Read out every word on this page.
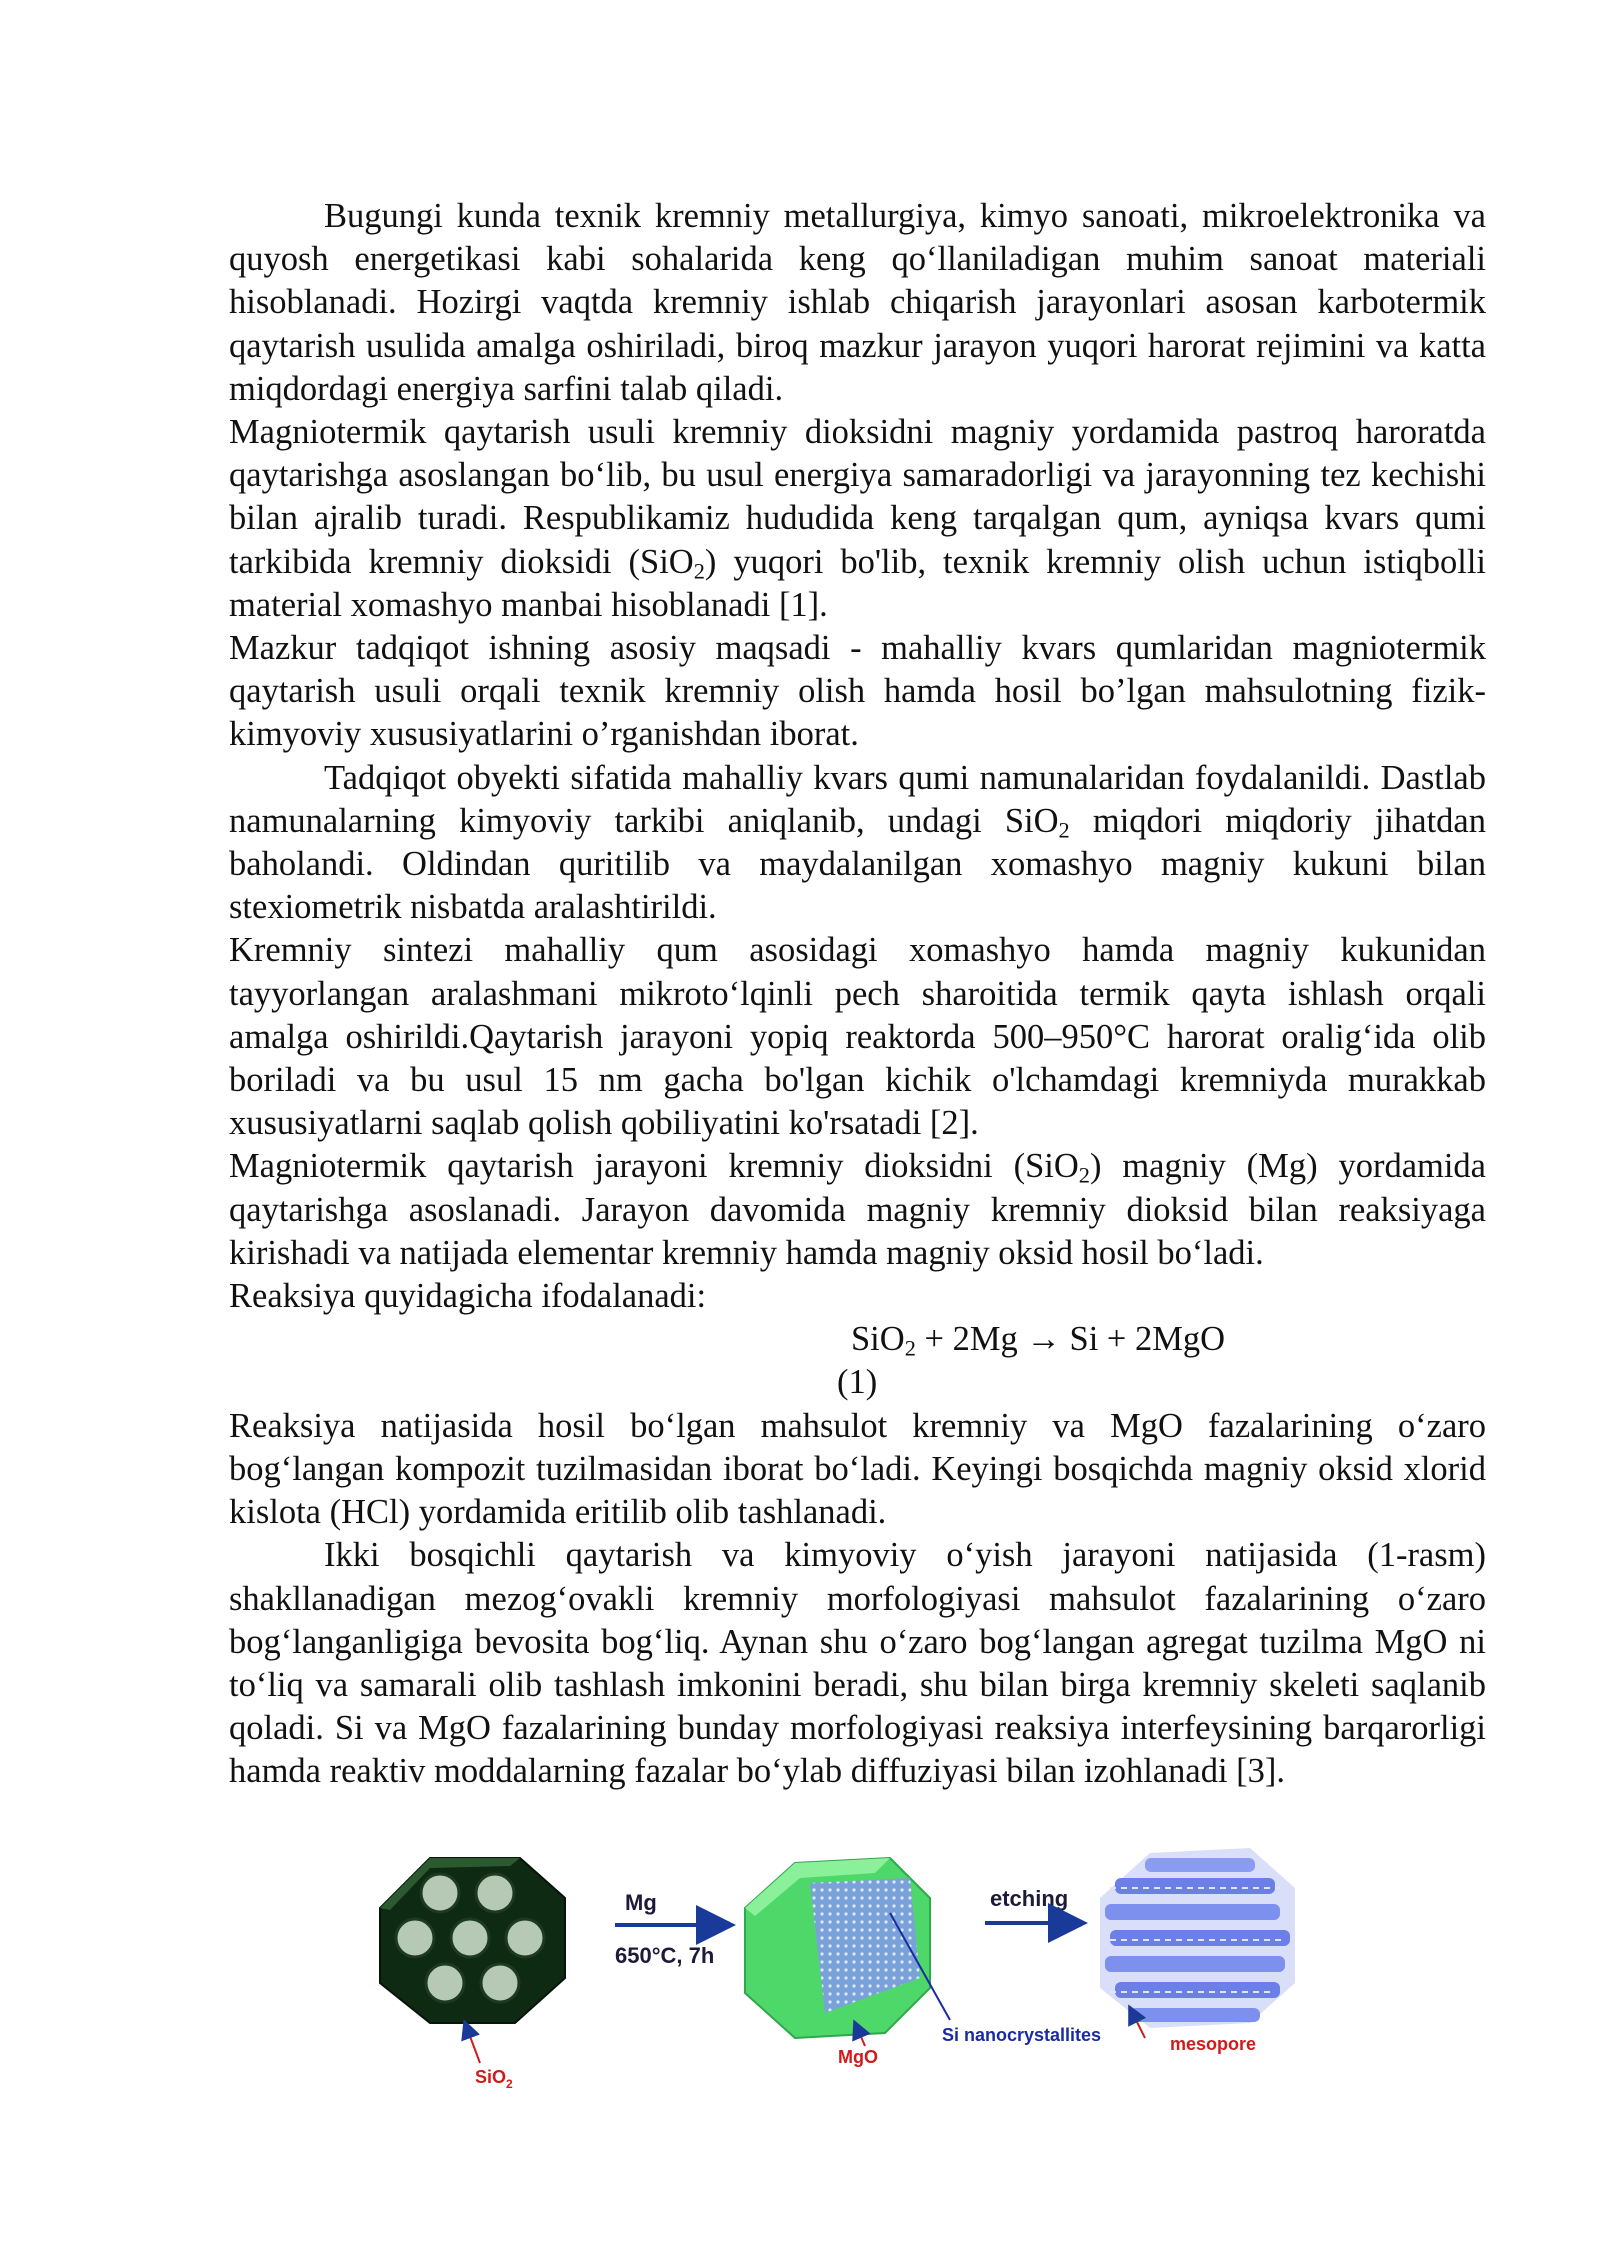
Bugungi kunda texnik kremniy metallurgiya, kimyo sanoati, mikroelektronika va quyosh energetikasi kabi sohalarida keng qo‘llaniladigan muhim sanoat materiali hisoblanadi. Hozirgi vaqtda kremniy ishlab chiqarish jarayonlari asosan karbotermik qaytarish usulida amalga oshiriladi, biroq mazkur jarayon yuqori harorat rejimini va katta miqdordagi energiya sarfini talab qiladi.

Magniotermik qaytarish usuli kremniy dioksidni magniy yordamida pastroq haroratda qaytarishga asoslangan bo‘lib, bu usul energiya samaradorligi va jarayonning tez kechishi bilan ajralib turadi. Respublikamiz hududida keng tarqalgan qum, ayniqsa kvars qumi tarkibida kremniy dioksidi (SiO$_2$) yuqori bo'lib, texnik kremniy olish uchun istiqbolli material xomashyo manbai hisoblanadi [1].

Mazkur tadqiqot ishning asosiy maqsadi - mahalliy kvars qumlaridan magniotermik qaytarish usuli orqali texnik kremniy olish hamda hosil bo’lgan mahsulotning fizik-kimyoviy xususiyatlarini o’rganishdan iborat.

Tadqiqot obyekti sifatida mahalliy kvars qumi namunalaridan foydalanildi. Dastlab namunalarning kimyoviy tarkibi aniqlanib, undagi SiO$_2$ miqdori miqdoriy jihatdan baholandi. Oldindan quritilib va maydalanilgan xomashyo magniy kukuni bilan stexiometrik nisbatda aralashtirildi.

Kremniy sintezi mahalliy qum asosidagi xomashyo hamda magniy kukunidan tayyorlangan aralashmani mikroto‘lqinli pech sharoitida termik qayta ishlash orqali amalga oshirildi.Qaytarish jarayoni yopiq reaktorda 500–950°C harorat oralig‘ida olib boriladi va bu usul 15 nm gacha bo'lgan kichik o'lchamdagi kremniyda murakkab xususiyatlarni saqlab qolish qobiliyatini ko'rsatadi [2].

Magniotermik qaytarish jarayoni kremniy dioksidni (SiO$_2$) magniy (Mg) yordamida qaytarishga asoslanadi. Jarayon davomida magniy kremniy dioksid bilan reaksiyaga kirishadi va natijada elementar kremniy hamda magniy oksid hosil bo‘ladi.

Reaksiya quyidagicha ifodalanadi:

SiO$_2$ + 2Mg → Si + 2MgO
(1)

Reaksiya natijasida hosil bo‘lgan mahsulot kremniy va MgO fazalarining o‘zaro bog‘langan kompozit tuzilmasidan iborat bo‘ladi. Keyingi bosqichda magniy oksid xlorid kislota (HCl) yordamida eritilib olib tashlanadi.

Ikki bosqichli qaytarish va kimyoviy o‘yish jarayoni natijasida (1-rasm) shakllanadigan mezog‘ovakli kremniy morfologiyasi mahsulot fazalarining o‘zaro bog‘langanligiga bevosita bog‘liq. Aynan shu o‘zaro bog‘langan agregat tuzilma MgO ni to‘liq va samarali olib tashlash imkonini beradi, shu bilan birga kremniy skeleti saqlanib qoladi. Si va MgO fazalarining bunday morfologiyasi reaksiya interfeysining barqarorligi hamda reaktiv moddalarning fazalar bo‘ylab diffuziyasi bilan izohlanadi [3].

SiO$_2$
Mg
650°C, 7h
MgO
Si nanocrystallites
etching
mesopore
